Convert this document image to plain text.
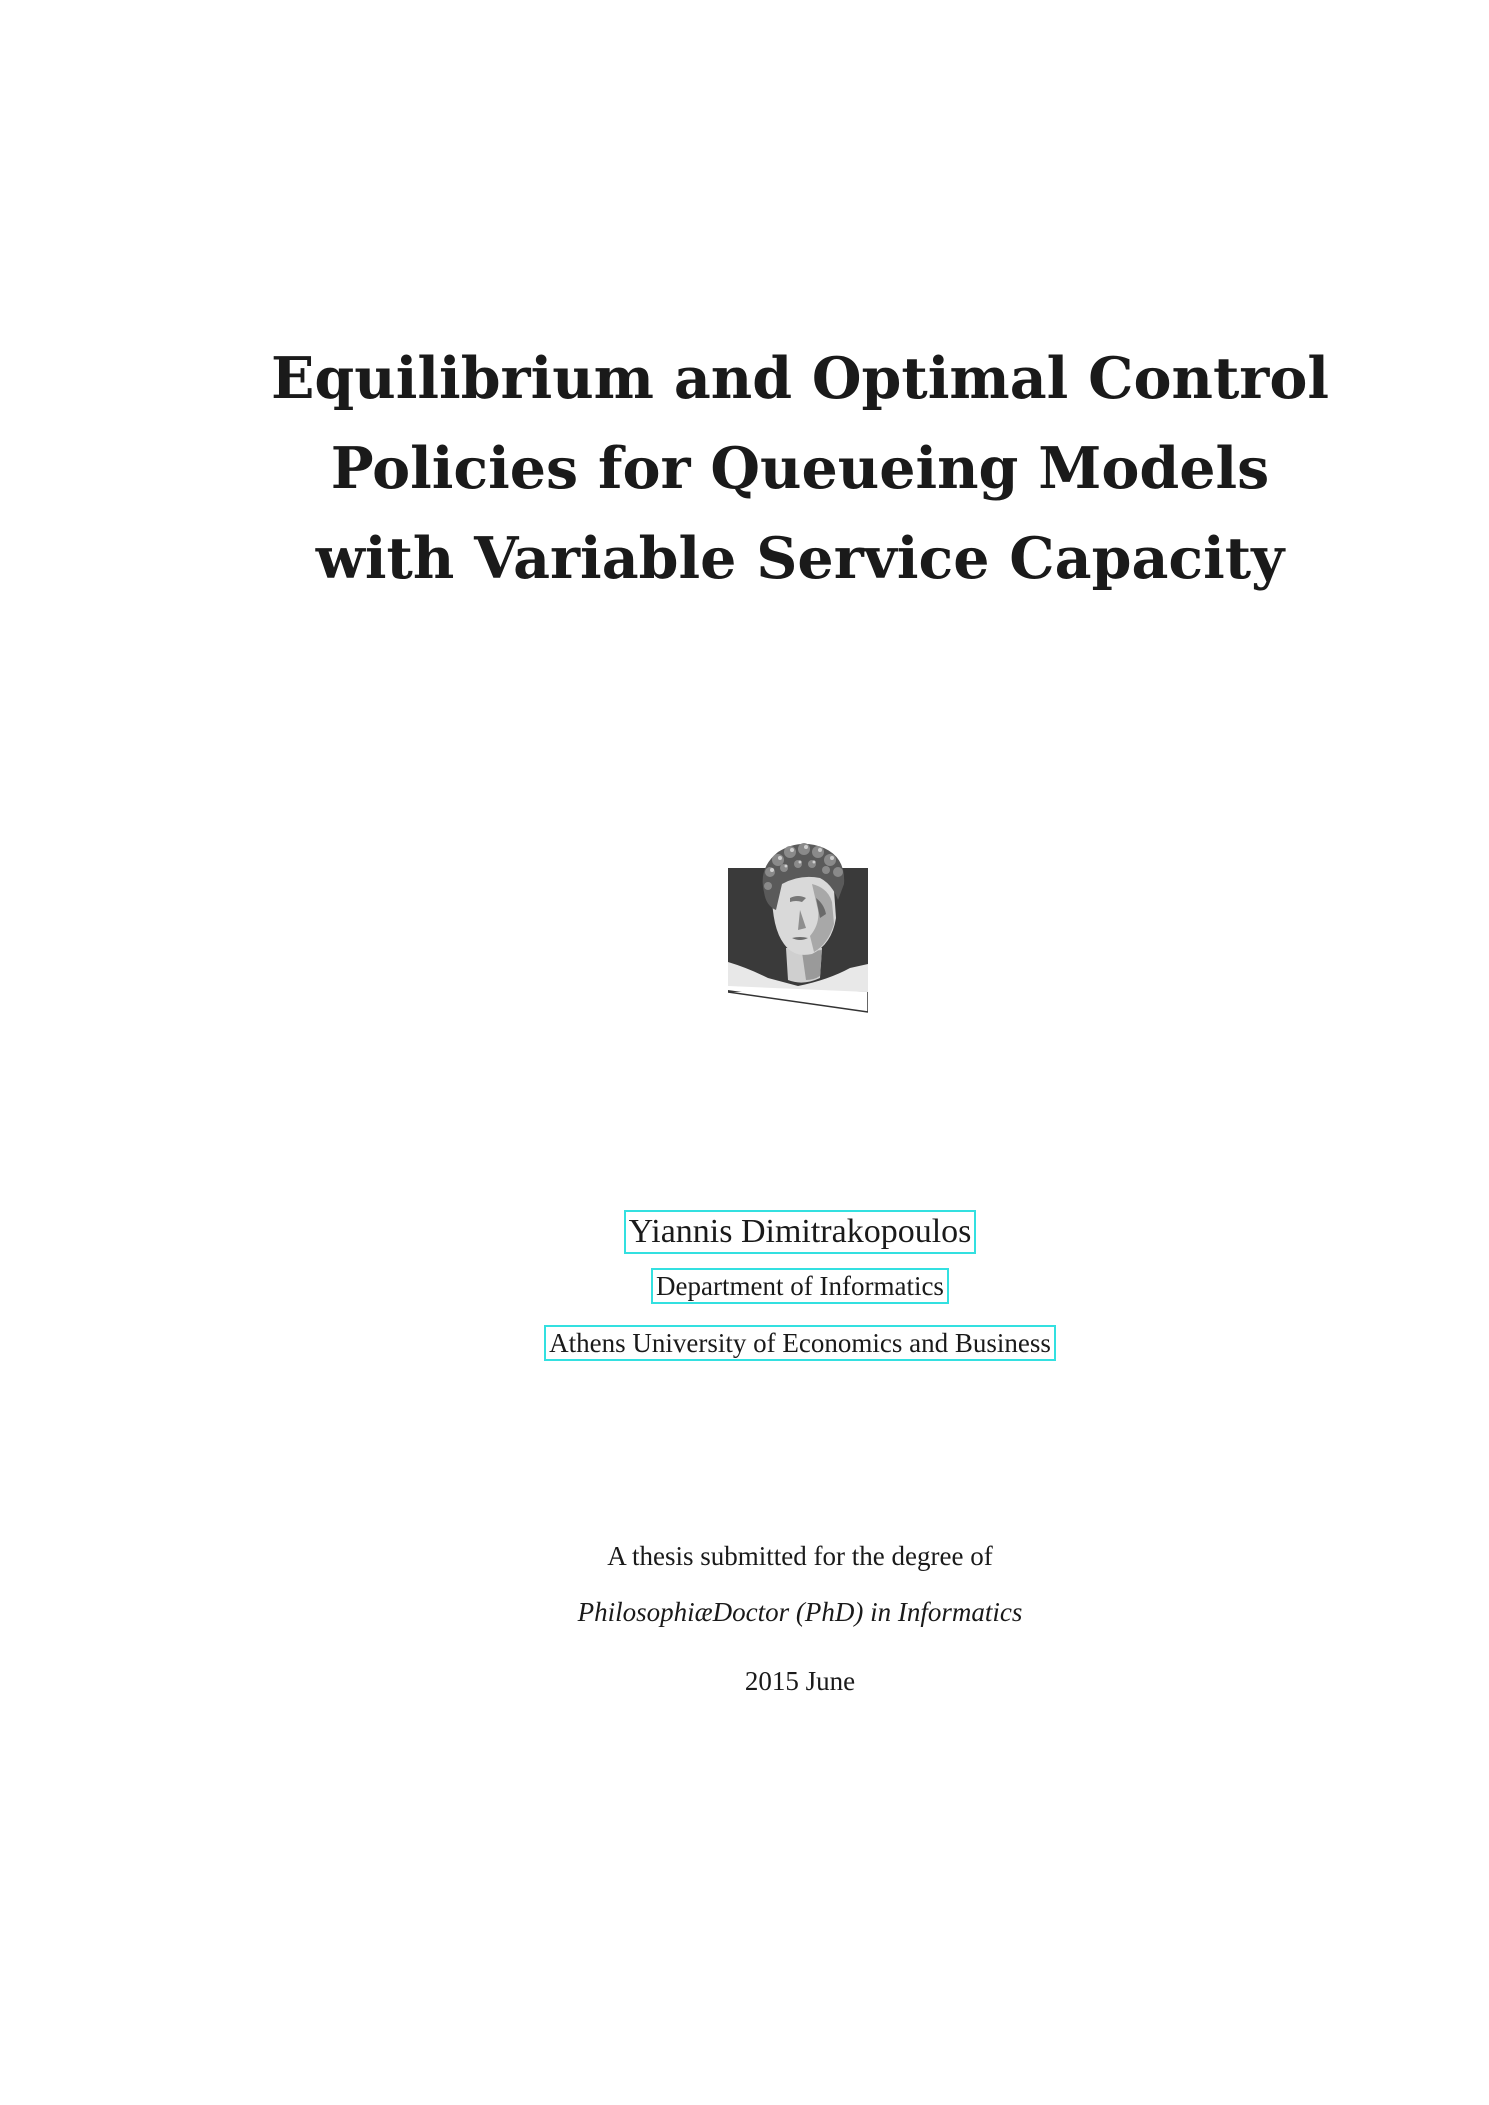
Equilibrium and Optimal Control
Policies for Queueing Models
with Variable Service Capacity
Yiannis Dimitrakopoulos
Department of Informatics
Athens University of Economics and Business
A thesis submitted for the degree of
PhilosophiæDoctor (PhD) in Informatics
2015 June
